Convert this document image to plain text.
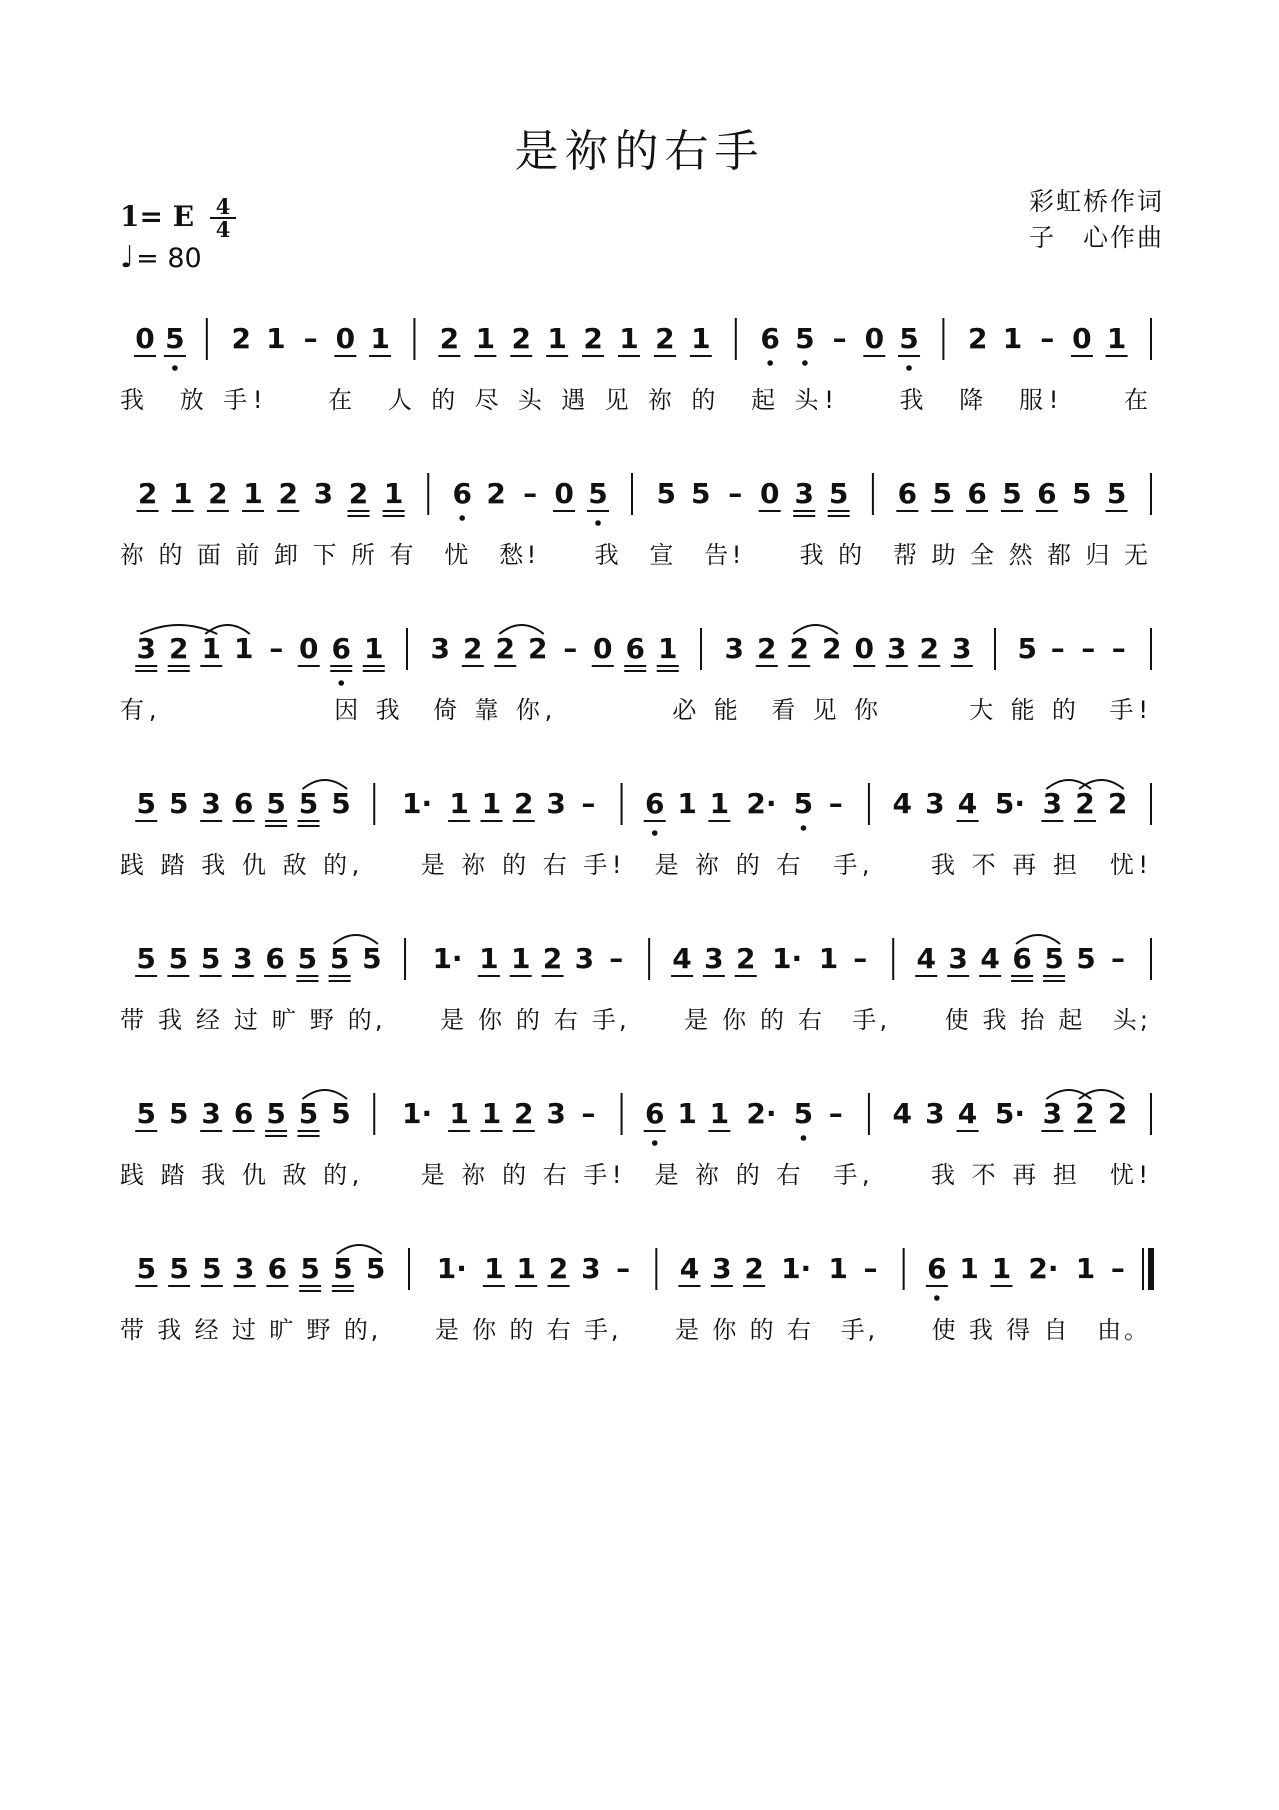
是祢的右手
彩虹桥作词
子　心作曲
1= E $\frac{4}{4}$
♩= 80
0 5 2 1 – 0 1 2 1 2 1 2 1 2 1 6 5 – 0 5 2 1 – 0 1
我　放 手!　　在　人 的 尽 头 遇 见 祢 的　起 头!　　我　降　服!　　在
2 1 2 1 2 3 2 1 6 2 – 0 5 5 5 – 0 3 5 6 5 6 5 6 5 5
祢 的 面 前 卸 下 所 有　忧　愁!　　我　宣　告!　　我 的　帮 助 全 然 都 归 无
3 2 1 1 – 0 6 1 3 2 2 2 – 0 6 1 3 2 2 2 0 3 2 3 5 – – –
有,　　　　　　因 我　倚 靠 你,　　　　必 能　看 见 你　　　大 能 的　手!
5 5 3 6 5 5 5 1· 1 1 2 3 – 6 1 1 2· 5 – 4 3 4 5· 3 2 2
践 踏 我 仇 敌 的,　　是 祢 的 右 手!　是 祢 的 右　手,　　我 不 再 担　忧!
5 5 5 3 6 5 5 5 1· 1 1 2 3 – 4 3 2 1· 1 – 4 3 4 6 5 5 –
带 我 经 过 旷 野 的,　　是 你 的 右 手,　　是 你 的 右　手,　　使 我 抬 起　头;
5 5 3 6 5 5 5 1· 1 1 2 3 – 6 1 1 2· 5 – 4 3 4 5· 3 2 2
践 踏 我 仇 敌 的,　　是 祢 的 右 手!　是 祢 的 右　手,　　我 不 再 担　忧!
5 5 5 3 6 5 5 5 1· 1 1 2 3 – 4 3 2 1· 1 – 6 1 1 2· 1 –
带 我 经 过 旷 野 的,　　是 你 的 右 手,　　是 你 的 右　手,　　使 我 得 自　由。
